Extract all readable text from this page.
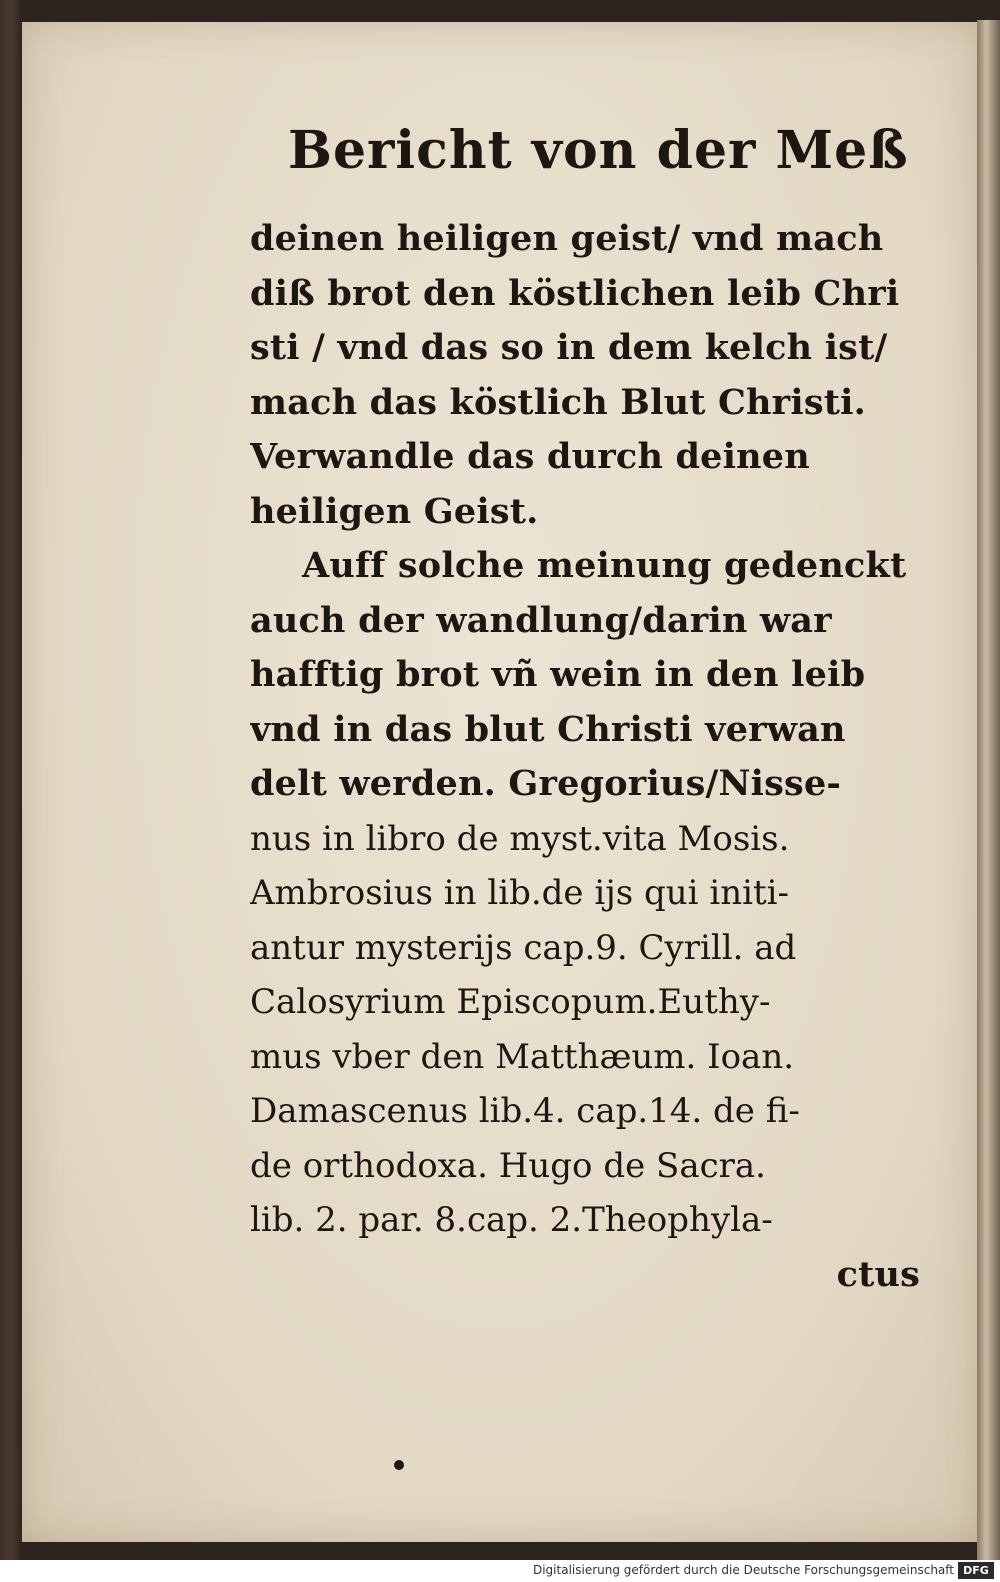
Bericht von der Meß
deinen heiligen geist/ vnd mach
diß brot den köstlichen leib Chri
sti / vnd das so in dem kelch ist/
mach das köstlich Blut Christi.
Verwandle das durch deinen
heiligen Geist.
Auff solche meinung gedenckt
auch der wandlung/darin war
hafftig brot vñ wein in den leib
vnd in das blut Christi verwan
delt werden. Gregorius/Nisse-
nus in libro de myst.vita Mosis.
Ambrosius in lib.de ijs qui initi-
antur mysterijs cap.9. Cyrill. ad
Calosyrium Episcopum.Euthy-
mus vber den Matthæum. Ioan.
Damascenus lib.4. cap.14. de fi-
de orthodoxa. Hugo de Sacra.
lib. 2. par. 8.cap. 2.Theophyla-
ctus
Digitalisierung gefördert durch die Deutsche Forschungsgemeinschaft DFG
